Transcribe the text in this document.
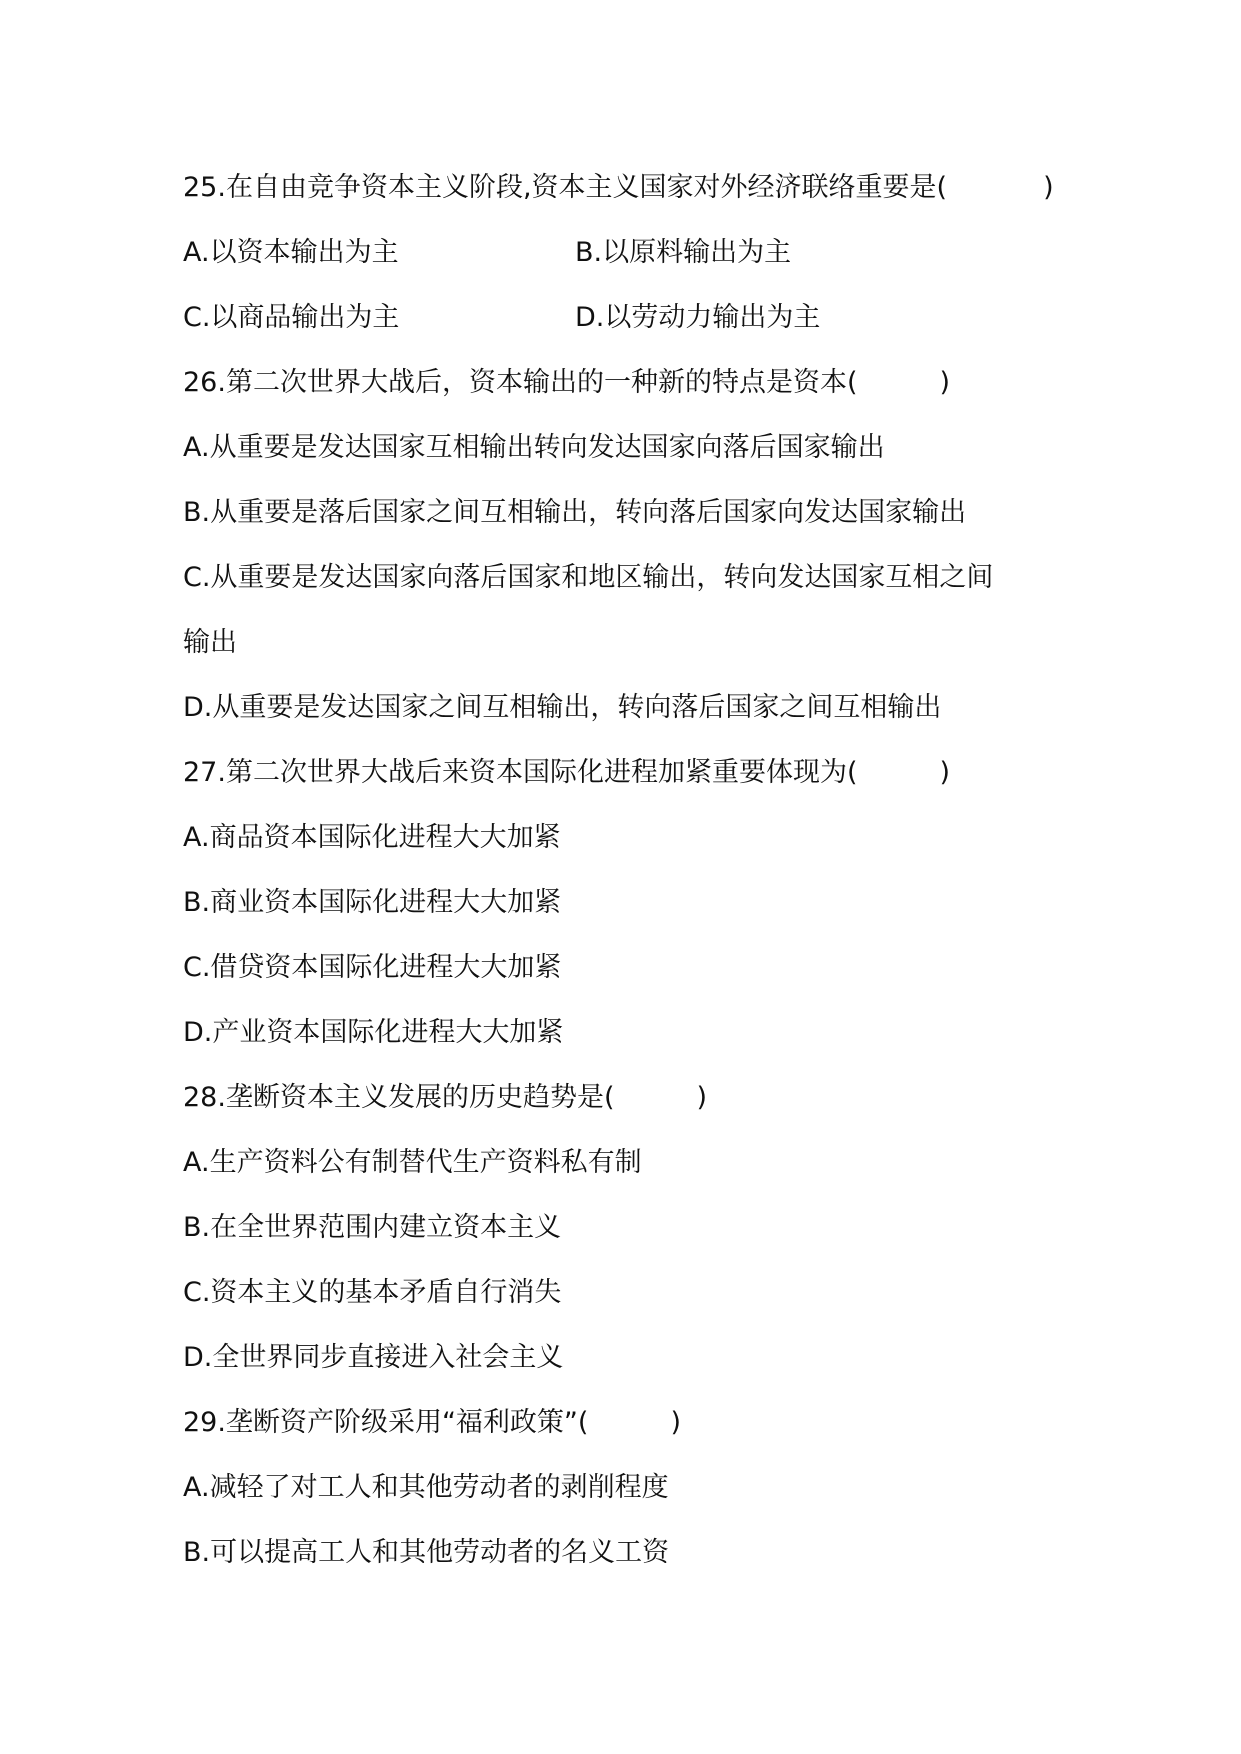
25.在自由竞争资本主义阶段,资本主义国家对外经济联络重要是(	)
A.以资本输出为主	B.以原料输出为主
C.以商品输出为主	D.以劳动力输出为主
26.第二次世界大战后，资本输出的一种新的特点是资本(	)
A.从重要是发达国家互相输出转向发达国家向落后国家输出
B.从重要是落后国家之间互相输出，转向落后国家向发达国家输出
C.从重要是发达国家向落后国家和地区输出，转向发达国家互相之间
输出
D.从重要是发达国家之间互相输出，转向落后国家之间互相输出
27.第二次世界大战后来资本国际化进程加紧重要体现为(	)
A.商品资本国际化进程大大加紧
B.商业资本国际化进程大大加紧
C.借贷资本国际化进程大大加紧
D.产业资本国际化进程大大加紧
28.垄断资本主义发展的历史趋势是(	)
A.生产资料公有制替代生产资料私有制
B.在全世界范围内建立资本主义
C.资本主义的基本矛盾自行消失
D.全世界同步直接进入社会主义
29.垄断资产阶级采用“福利政策”(	)
A.减轻了对工人和其他劳动者的剥削程度
B.可以提高工人和其他劳动者的名义工资
